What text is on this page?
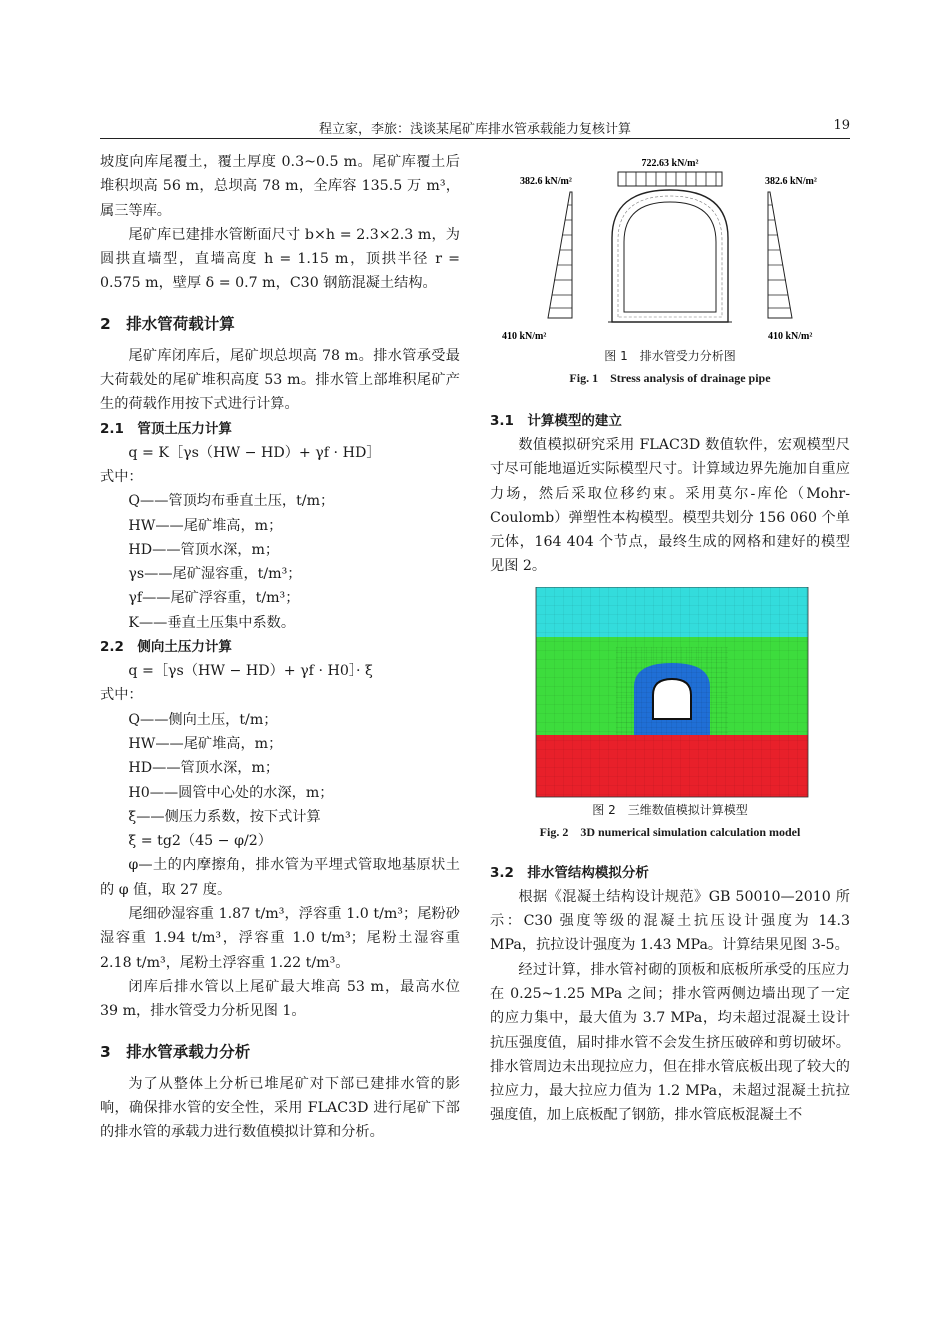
程立家，李旅：浅谈某尾矿库排水管承载能力复核计算	19

坡度向库尾覆土，覆土厚度 0.3~0.5 m。尾矿库覆土后堆积坝高 56 m，总坝高 78 m，全库容 135.5 万 m³，属三等库。

尾矿库已建排水管断面尺寸 b×h = 2.3×2.3 m，为圆拱直墙型，直墙高度 h = 1.15 m，顶拱半径 r = 0.575 m，壁厚 δ = 0.7 m，C30 钢筋混凝土结构。

2　排水管荷载计算

尾矿库闭库后，尾矿坝总坝高 78 m。排水管承受最大荷载处的尾矿堆积高度 53 m。排水管上部堆积尾矿产生的荷载作用按下式进行计算。

2.1　管顶土压力计算

q = K［γs（HW − HD）+ γf · HD］

式中：

Q——管顶均布垂直土压，t/m；

HW——尾矿堆高，m；

HD——管顶水深，m；

γs——尾矿湿容重，t/m³；

γf——尾矿浮容重，t/m³；

K——垂直土压集中系数。

2.2　侧向土压力计算

q =［γs（HW − HD）+ γf · H0］· ξ

式中：

Q——侧向土压，t/m；

HW——尾矿堆高，m；

HD——管顶水深，m；

H0——圆管中心处的水深，m；

ξ——侧压力系数，按下式计算

ξ = tg2（45 − φ/2）

φ—土的内摩擦角，排水管为平埋式管取地基原状土的 φ 值，取 27 度。

尾细砂湿容重 1.87 t/m³，浮容重 1.0 t/m³；尾粉砂湿容重 1.94 t/m³，浮容重 1.0 t/m³；尾粉土湿容重 2.18 t/m³，尾粉土浮容重 1.22 t/m³。

闭库后排水管以上尾矿最大堆高 53 m，最高水位 39 m，排水管受力分析见图 1。

3　排水管承载力分析

为了从整体上分析已堆尾矿对下部已建排水管的影响，确保排水管的安全性，采用 FLAC3D 进行尾矿下部的排水管的承载力进行数值模拟计算和分析。

722.63 kN/m²
382.6 kN/m²	382.6 kN/m²
410 kN/m²	410 kN/m²

图 1　排水管受力分析图

Fig. 1　Stress analysis of drainage pipe

3.1　计算模型的建立

数值模拟研究采用 FLAC3D 数值软件，宏观模型尺寸尽可能地逼近实际模型尺寸。计算域边界先施加自重应力场，然后采取位移约束。采用莫尔-库伦（Mohr-Coulomb）弹塑性本构模型。模型共划分 156 060 个单元体，164 404 个节点，最终生成的网格和建好的模型见图 2。

图 2　三维数值模拟计算模型

Fig. 2　3D numerical simulation calculation model

3.2　排水管结构模拟分析

根据《混凝土结构设计规范》GB 50010—2010 所示：C30 强度等级的混凝土抗压设计强度为 14.3 MPa，抗拉设计强度为 1.43 MPa。计算结果见图 3-5。

经过计算，排水管衬砌的顶板和底板所承受的压应力在 0.25~1.25 MPa 之间；排水管两侧边墙出现了一定的应力集中，最大值为 3.7 MPa，均未超过混凝土设计抗压强度值，届时排水管不会发生挤压破碎和剪切破坏。排水管周边未出现拉应力，但在排水管底板出现了较大的拉应力，最大拉应力值为 1.2 MPa，未超过混凝土抗拉强度值，加上底板配了钢筋，排水管底板混凝土不
